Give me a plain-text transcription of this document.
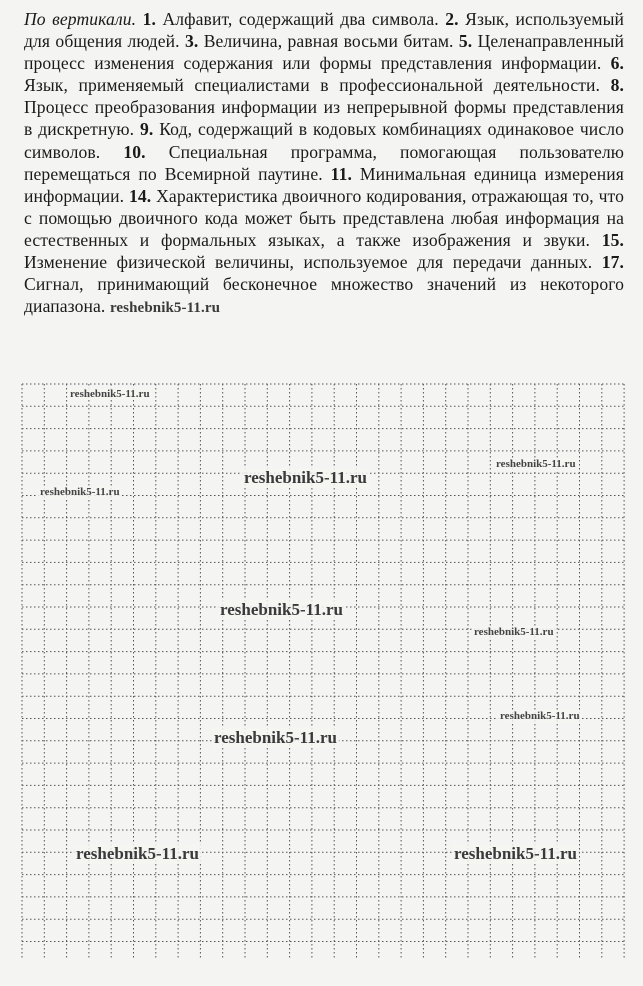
По вертикали. 1. Алфавит, содержащий два символа. 2. Язык, используемый для общения людей. 3. Величина, равная восьми битам. 5. Целенаправленный процесс изменения содержания или формы представления информации. 6. Язык, применяемый специалистами в профессиональной деятельности. 8. Процесс преобразования информации из непрерывной формы представления в дискретную. 9. Код, содержащий в кодовых комбинациях одинаковое число символов. 10. Специальная программа, помогающая пользователю перемещаться по Всемирной паутине. 11. Минимальная единица измерения информации. 14. Характеристика двоичного кодирования, отражающая то, что с помощью двоичного кода может быть представлена любая информация на естественных и формальных языках, а также изображения и звуки. 15. Изменение физической величины, используемое для передачи данных. 17. Сигнал, принимающий бесконечное множество значений из некоторого диапазона. reshebnik5-11.ru
reshebnik5-11.ru
reshebnik5-11.ru
reshebnik5-11.ru
reshebnik5-11.ru
reshebnik5-11.ru
reshebnik5-11.ru
reshebnik5-11.ru
reshebnik5-11.ru
reshebnik5-11.ru	reshebnik5-11.ru
